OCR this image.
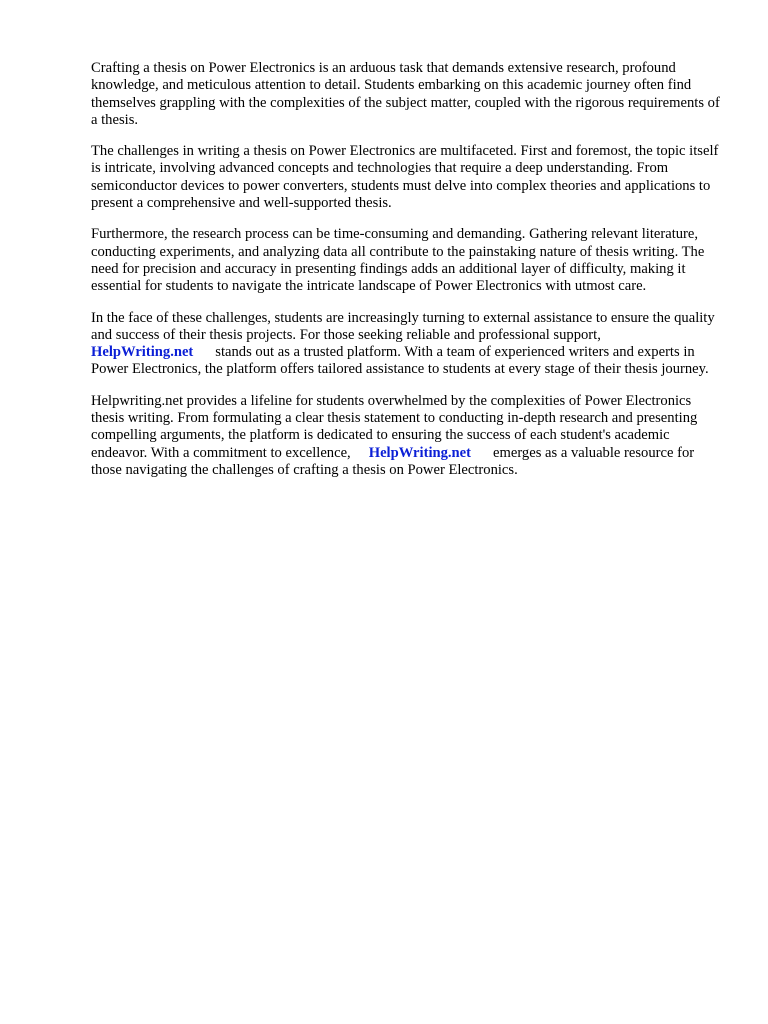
Crafting a thesis on Power Electronics is an arduous task that demands extensive research, profound knowledge, and meticulous attention to detail. Students embarking on this academic journey often find themselves grappling with the complexities of the subject matter, coupled with the rigorous requirements of a thesis.

The challenges in writing a thesis on Power Electronics are multifaceted. First and foremost, the topic itself is intricate, involving advanced concepts and technologies that require a deep understanding. From semiconductor devices to power converters, students must delve into complex theories and applications to present a comprehensive and well-supported thesis.

Furthermore, the research process can be time-consuming and demanding. Gathering relevant literature, conducting experiments, and analyzing data all contribute to the painstaking nature of thesis writing. The need for precision and accuracy in presenting findings adds an additional layer of difficulty, making it essential for students to navigate the intricate landscape of Power Electronics with utmost care.

In the face of these challenges, students are increasingly turning to external assistance to ensure the quality and success of their thesis projects. For those seeking reliable and professional support,
HelpWriting.net stands out as a trusted platform. With a team of experienced writers and experts in Power Electronics, the platform offers tailored assistance to students at every stage of their thesis journey.

Helpwriting.net provides a lifeline for students overwhelmed by the complexities of Power Electronics thesis writing. From formulating a clear thesis statement to conducting in-depth research and presenting compelling arguments, the platform is dedicated to ensuring the success of each student's academic endeavor. With a commitment to excellence, HelpWriting.net emerges as a valuable resource for those navigating the challenges of crafting a thesis on Power Electronics.
